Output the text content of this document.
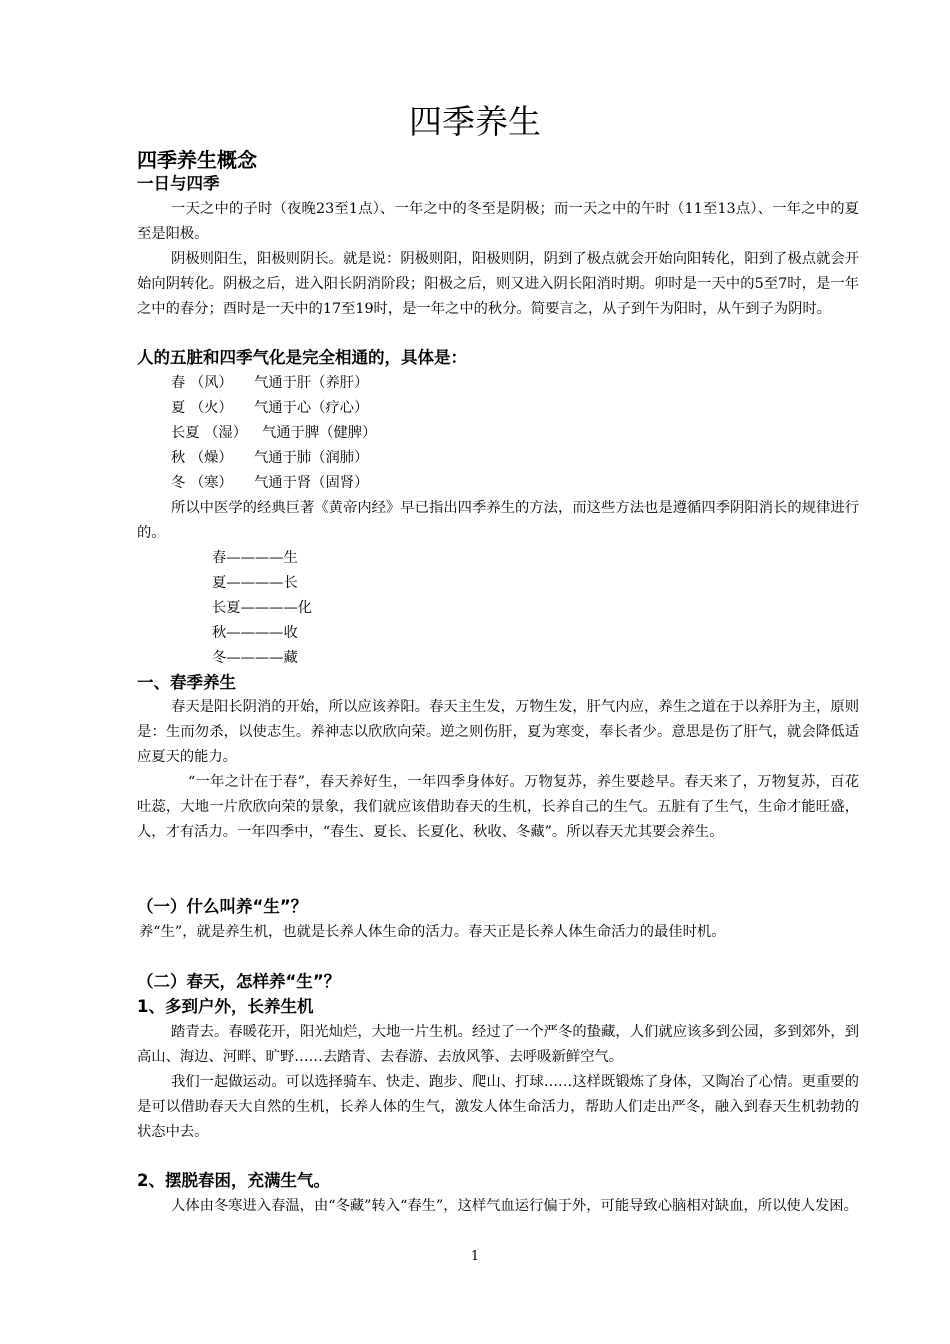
四季养生
四季养生概念
一日与四季

一天之中的子时（夜晚23至1点）、一年之中的冬至是阴极；而一天之中的午时（11至13点）、一年之中的夏至是阳极。

阴极则阳生，阳极则阴长。就是说：阴极则阳，阳极则阴，阴到了极点就会开始向阳转化，阳到了极点就会开始向阴转化。阴极之后，进入阳长阴消阶段；阳极之后，则又进入阴长阳消时期。卯时是一天中的5至7时，是一年之中的春分；酉时是一天中的17至19时，是一年之中的秋分。简要言之，从子到午为阳时，从午到子为阴时。

人的五脏和四季气化是完全相通的，具体是：
春 （风） 气通于肝（养肝）
夏 （火） 气通于心（疗心）
长夏 （湿） 气通于脾（健脾）
秋 （燥） 气通于肺（润肺）
冬 （寒） 气通于肾（固肾）

所以中医学的经典巨著《黄帝内经》早已指出四季养生的方法，而这些方法也是遵循四季阴阳消长的规律进行的。

春————生
夏————长
长夏————化
秋————收
冬————藏
一、春季养生

春天是阳长阴消的开始，所以应该养阳。春天主生发，万物生发，肝气内应，养生之道在于以养肝为主，原则是：生而勿杀，以使志生。养神志以欣欣向荣。逆之则伤肝，夏为寒变，奉长者少。意思是伤了肝气，就会降低适应夏天的能力。

“一年之计在于春”，春天养好生，一年四季身体好。万物复苏，养生要趁早。春天来了，万物复苏，百花吐蕊，大地一片欣欣向荣的景象，我们就应该借助春天的生机，长养自己的生气。五脏有了生气，生命才能旺盛，人，才有活力。一年四季中，“春生、夏长、长夏化、秋收、冬藏”。所以春天尤其要会养生。

（一）什么叫养“生”？

养“生”，就是养生机，也就是长养人体生命的活力。春天正是长养人体生命活力的最佳时机。

（二）春天，怎样养“生”？
1、多到户外，长养生机

踏青去。春暖花开，阳光灿烂，大地一片生机。经过了一个严冬的蛰藏，人们就应该多到公园，多到郊外，到高山、海边、河畔、旷野……去踏青、去春游、去放风筝、去呼吸新鲜空气。

我们一起做运动。可以选择骑车、快走、跑步、爬山、打球……这样既锻炼了身体，又陶冶了心情。更重要的是可以借助春天大自然的生机，长养人体的生气，激发人体生命活力，帮助人们走出严冬，融入到春天生机勃勃的状态中去。

2、摆脱春困，充满生气。

人体由冬寒进入春温，由“冬藏”转入“春生”，这样气血运行偏于外，可能导致心脑相对缺血，所以使人发困。

1
